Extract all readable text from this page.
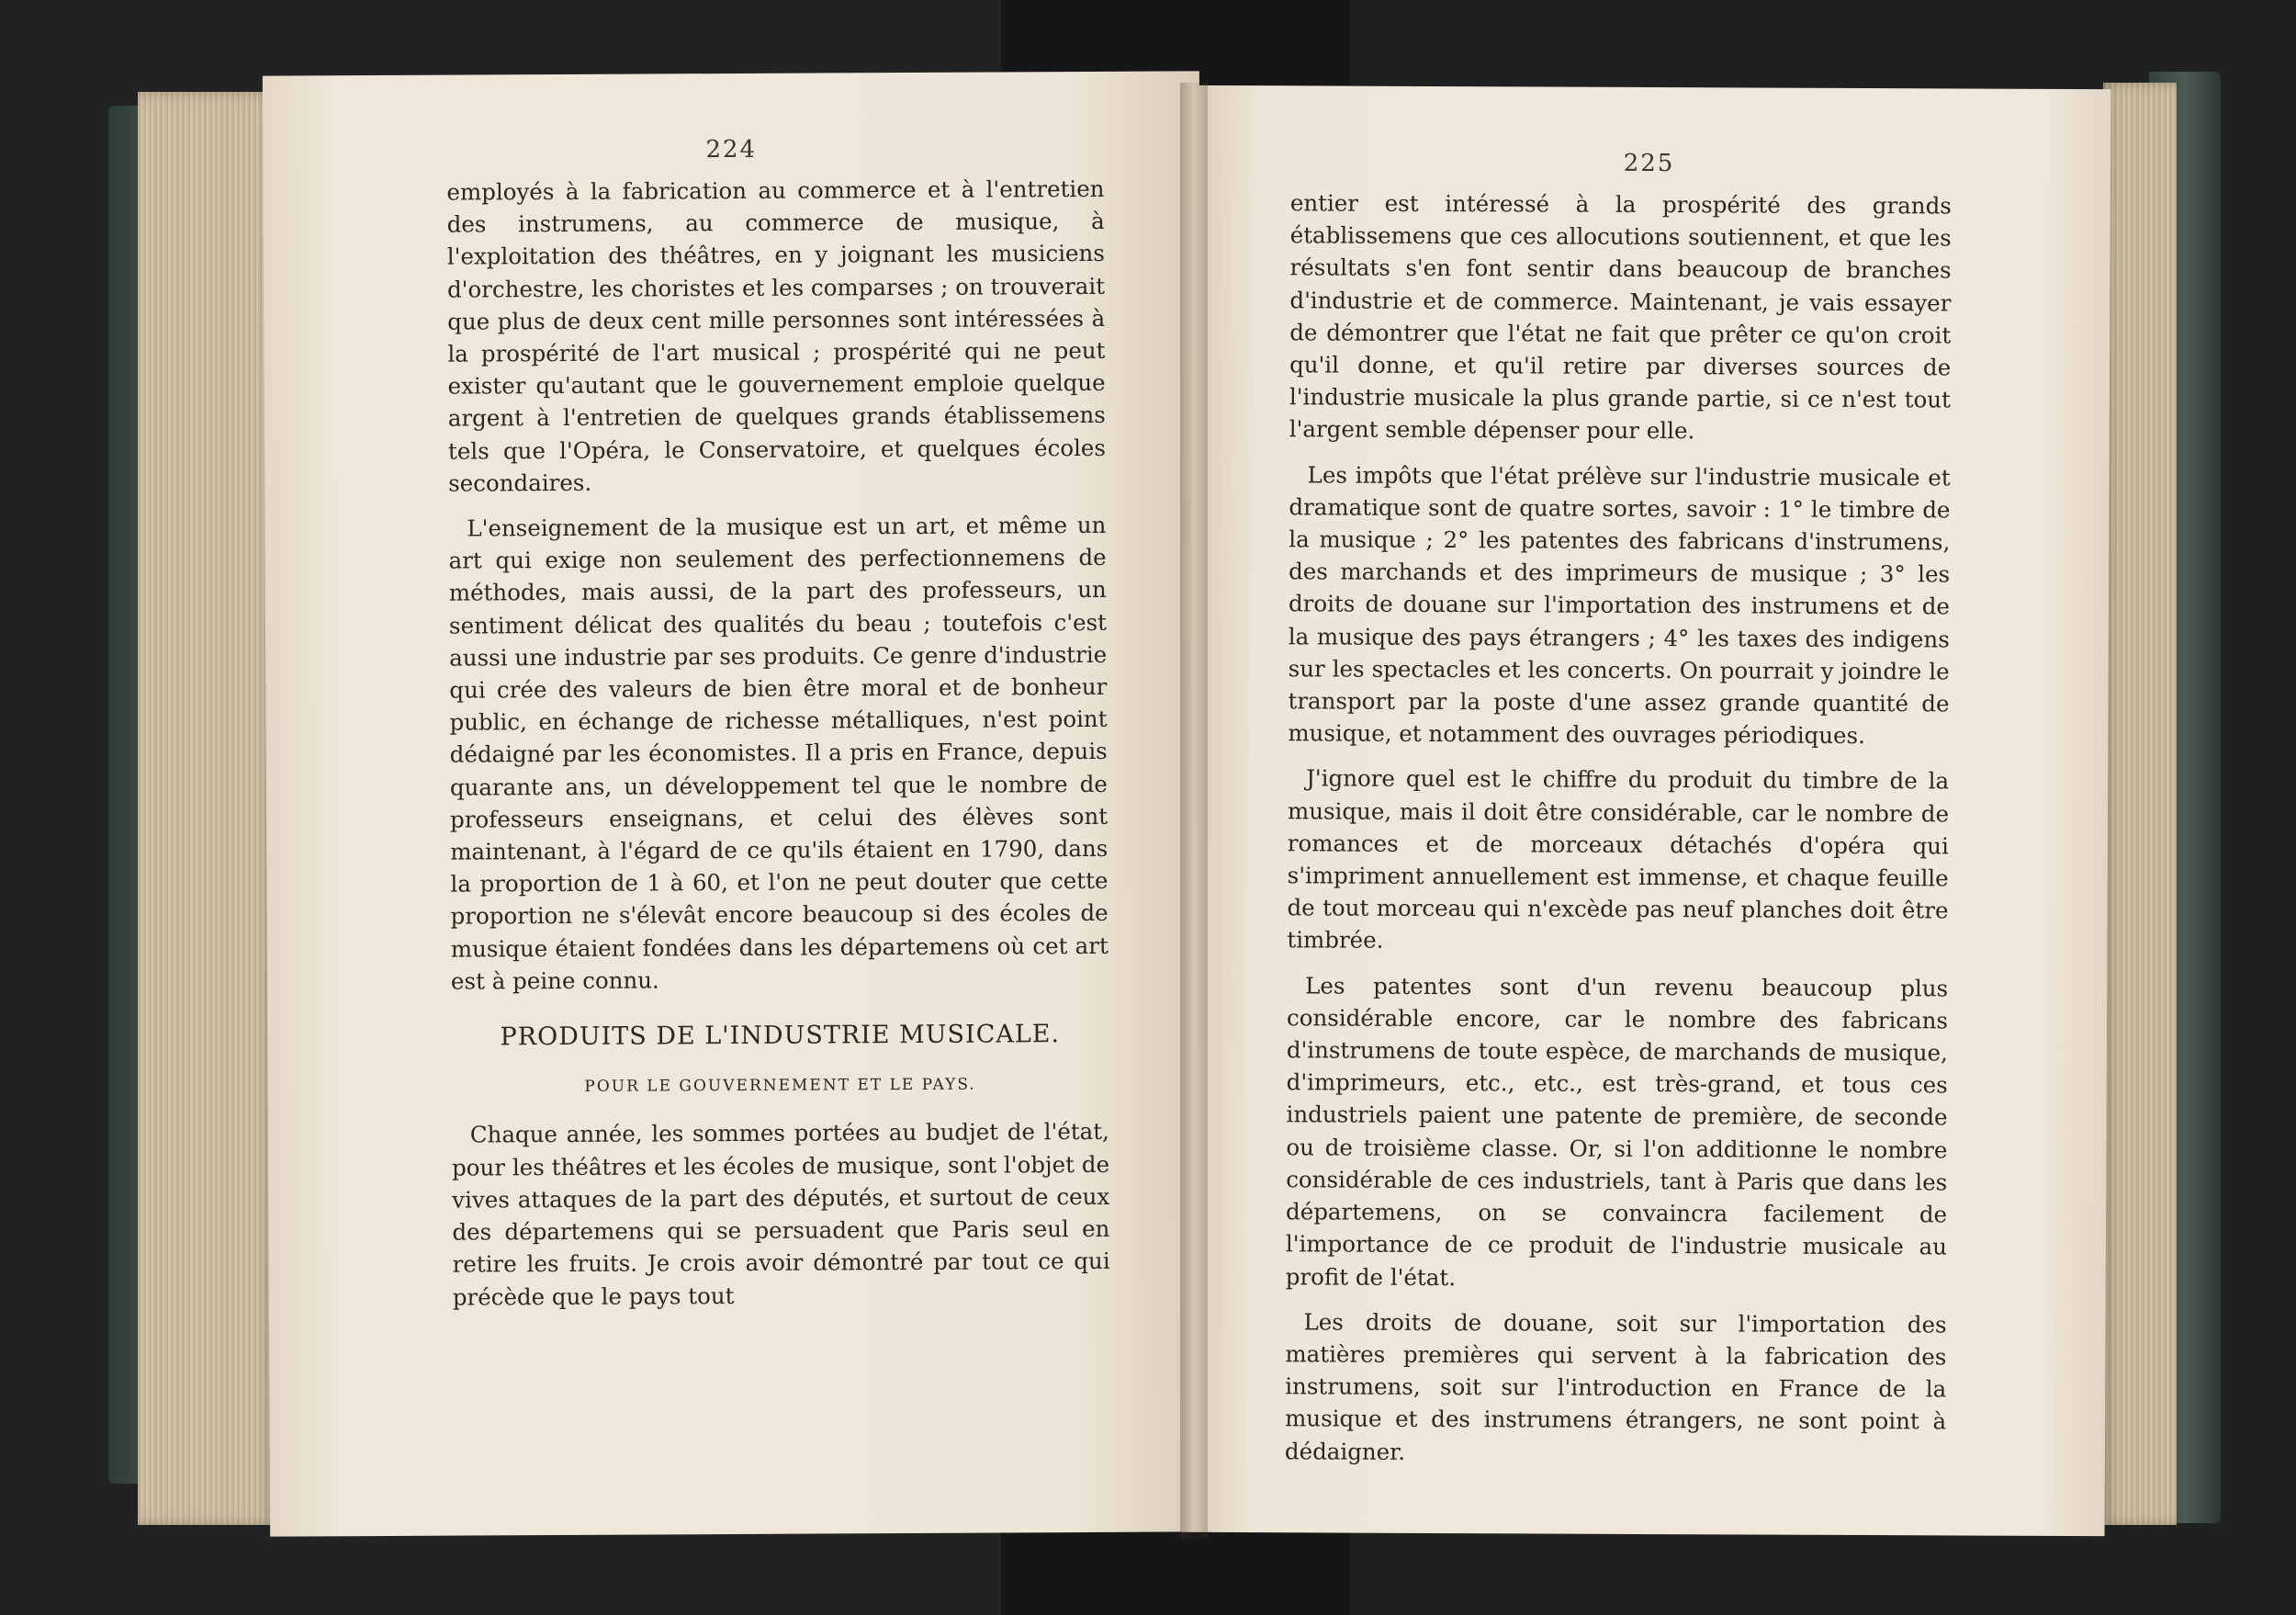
224

employés à la fabrication au commerce et à l'entretien des instrumens, au commerce de musique, à l'exploitation des théâtres, en y joignant les musiciens d'orchestre, les choristes et les comparses ; on trouverait que plus de deux cent mille personnes sont intéressées à la prospérité de l'art musical ; prospérité qui ne peut exister qu'autant que le gouvernement emploie quelque argent à l'entretien de quelques grands établissemens tels que l'Opéra, le Conservatoire, et quelques écoles secondaires.

L'enseignement de la musique est un art, et même un art qui exige non seulement des perfectionnemens de méthodes, mais aussi, de la part des professeurs, un sentiment délicat des qualités du beau ; toutefois c'est aussi une industrie par ses produits. Ce genre d'industrie qui crée des valeurs de bien être moral et de bonheur public, en échange de richesse métalliques, n'est point dédaigné par les économistes. Il a pris en France, depuis quarante ans, un développement tel que le nombre de professeurs enseignans, et celui des élèves sont maintenant, à l'égard de ce qu'ils étaient en 1790, dans la proportion de 1 à 60, et l'on ne peut douter que cette proportion ne s'élevât encore beaucoup si des écoles de musique étaient fondées dans les départemens où cet art est à peine connu.

PRODUITS DE L'INDUSTRIE MUSICALE.
POUR LE GOUVERNEMENT ET LE PAYS.

Chaque année, les sommes portées au budjet de l'état, pour les théâtres et les écoles de musique, sont l'objet de vives attaques de la part des députés, et surtout de ceux des départemens qui se persuadent que Paris seul en retire les fruits. Je crois avoir démontré par tout ce qui précède que le pays tout

225

entier est intéressé à la prospérité des grands établissemens que ces allocutions soutiennent, et que les résultats s'en font sentir dans beaucoup de branches d'industrie et de commerce. Maintenant, je vais essayer de démontrer que l'état ne fait que prêter ce qu'on croit qu'il donne, et qu'il retire par diverses sources de l'industrie musicale la plus grande partie, si ce n'est tout l'argent semble dépenser pour elle.

Les impôts que l'état prélève sur l'industrie musicale et dramatique sont de quatre sortes, savoir : 1° le timbre de la musique ; 2° les patentes des fabricans d'instrumens, des marchands et des imprimeurs de musique ; 3° les droits de douane sur l'importation des instrumens et de la musique des pays étrangers ; 4° les taxes des indigens sur les spectacles et les concerts. On pourrait y joindre le transport par la poste d'une assez grande quantité de musique, et notamment des ouvrages périodiques.

J'ignore quel est le chiffre du produit du timbre de la musique, mais il doit être considérable, car le nombre de romances et de morceaux détachés d'opéra qui s'impriment annuellement est immense, et chaque feuille de tout morceau qui n'excède pas neuf planches doit être timbrée.

Les patentes sont d'un revenu beaucoup plus considérable encore, car le nombre des fabricans d'instrumens de toute espèce, de marchands de musique, d'imprimeurs, etc., etc., est très-grand, et tous ces industriels paient une patente de première, de seconde ou de troisième classe. Or, si l'on additionne le nombre considérable de ces industriels, tant à Paris que dans les départemens, on se convaincra facilement de l'importance de ce produit de l'industrie musicale au profit de l'état.

Les droits de douane, soit sur l'importation des matières premières qui servent à la fabrication des instrumens, soit sur l'introduction en France de la musique et des instrumens étrangers, ne sont point à dédaigner.
